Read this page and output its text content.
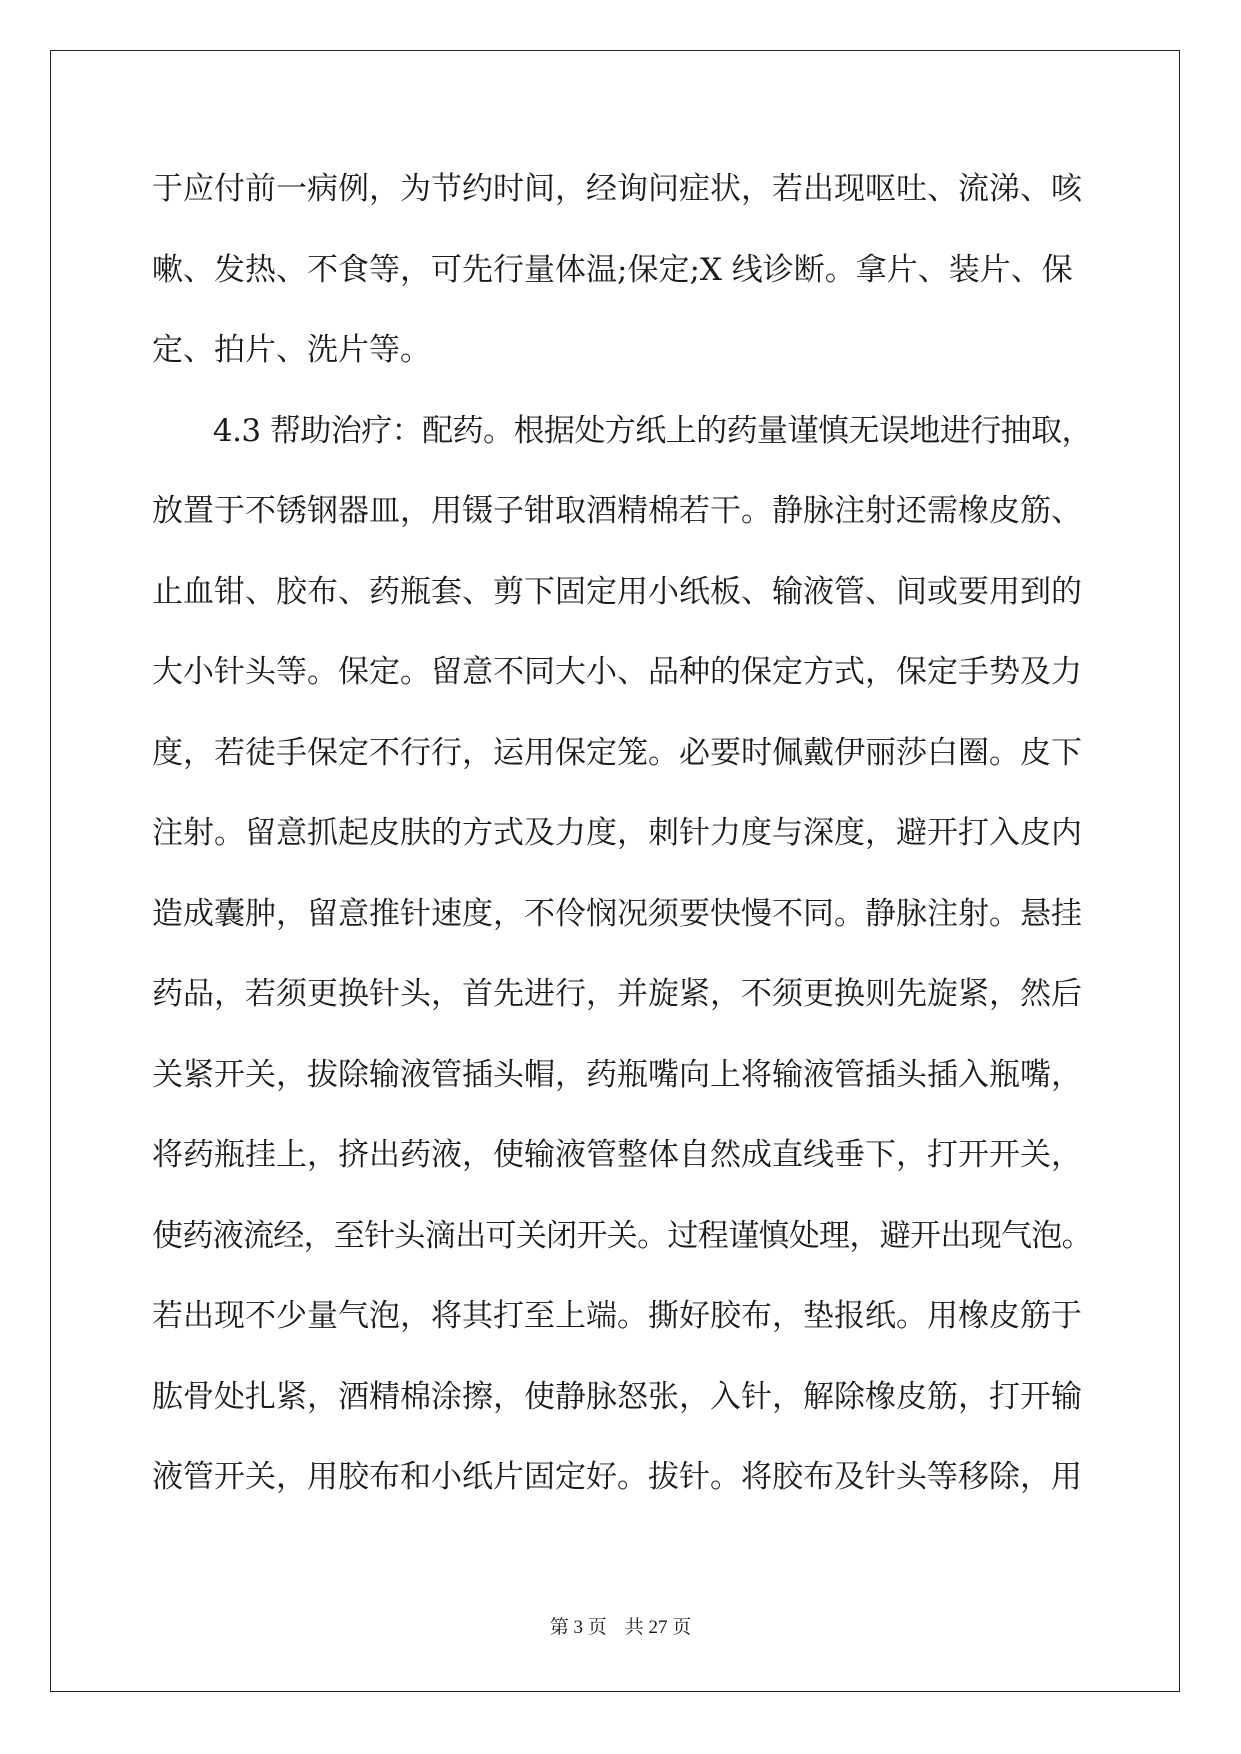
于应付前一病例，为节约时间，经询问症状，若出现呕吐、流涕、咳
嗽、发热、不食等，可先行量体温;保定;X 线诊断。拿片、装片、保
定、拍片、洗片等。
　　4.3 帮助治疗：配药。根据处方纸上的药量谨慎无误地进行抽取，
放置于不锈钢器皿，用镊子钳取酒精棉若干。静脉注射还需橡皮筋、
止血钳、胶布、药瓶套、剪下固定用小纸板、输液管、间或要用到的
大小针头等。保定。留意不同大小、品种的保定方式，保定手势及力
度，若徒手保定不行行，运用保定笼。必要时佩戴伊丽莎白圈。皮下
注射。留意抓起皮肤的方式及力度，刺针力度与深度，避开打入皮内
造成囊肿，留意推针速度，不伶悯况须要快慢不同。静脉注射。悬挂
药品，若须更换针头，首先进行，并旋紧，不须更换则先旋紧，然后
关紧开关，拔除输液管插头帽，药瓶嘴向上将输液管插头插入瓶嘴，
将药瓶挂上，挤出药液，使输液管整体自然成直线垂下，打开开关，
使药液流经，至针头滴出可关闭开关。过程谨慎处理，避开出现气泡。
若出现不少量气泡，将其打至上端。撕好胶布，垫报纸。用橡皮筋于
肱骨处扎紧，酒精棉涂擦，使静脉怒张，入针，解除橡皮筋，打开输
液管开关，用胶布和小纸片固定好。拔针。将胶布及针头等移除，用
第 3 页 共 27 页
